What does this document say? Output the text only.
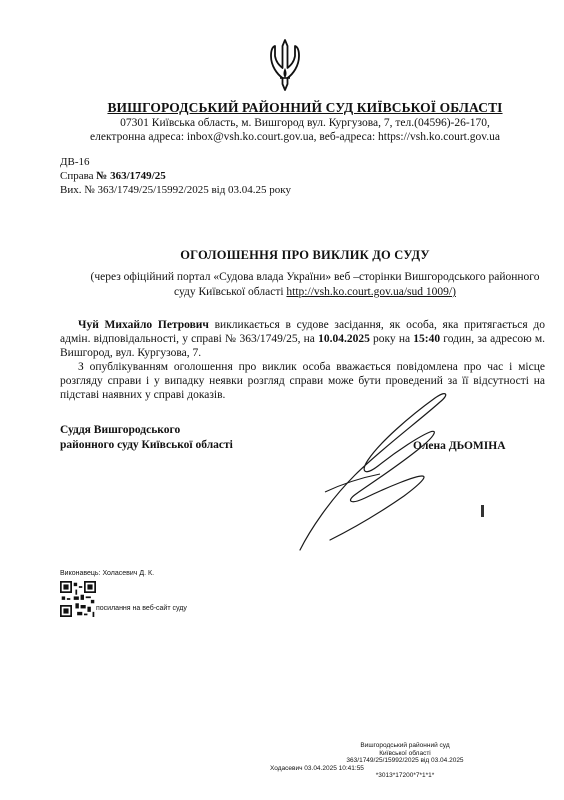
ВИШГОРОДСЬКИЙ РАЙОННИЙ СУД КИЇВСЬКОЇ ОБЛАСТІ
07301 Київська область, м. Вишгород вул. Кургузова, 7, тел.(04596)-26-170,
електронна адреса: inbox@vsh.ko.court.gov.ua, веб-адреса: https://vsh.ko.court.gov.ua
ДВ-16
Справа № 363/1749/25
Вих. № 363/1749/25/15992/2025 від 03.04.25 року
ОГОЛОШЕННЯ ПРО ВИКЛИК ДО СУДУ
(через офіційний портал «Судова влада України» веб –сторінки Вишгородського районного суду Київської області http://vsh.ko.court.gov.ua/sud 1009/)

Чуй Михайло Петрович викликається в судове засідання, як особа, яка притягається до адмін. відповідальності, у справі № 363/1749/25, на 10.04.2025 року на 15:40 годин, за адресою м. Вишгород, вул. Кургузова, 7.

З опублікуванням оголошення про виклик особа вважається повідомлена про час і місце розгляду справи і у випадку неявки розгляд справи може бути проведений за її відсутності на підставі наявних у справі доказів.

Суддя Вишгородського
районного суду Київської області	Олена ДЬОМІНА
Виконавець: Холасевич Д. К.
посилання на веб-сайт суду
Вишгородський районний суд
Київської області
363/1749/25/15992/2025 від 03.04.2025
Ходасевич 03.04.2025 10:41:55
*3013*17200*7*1*1*
